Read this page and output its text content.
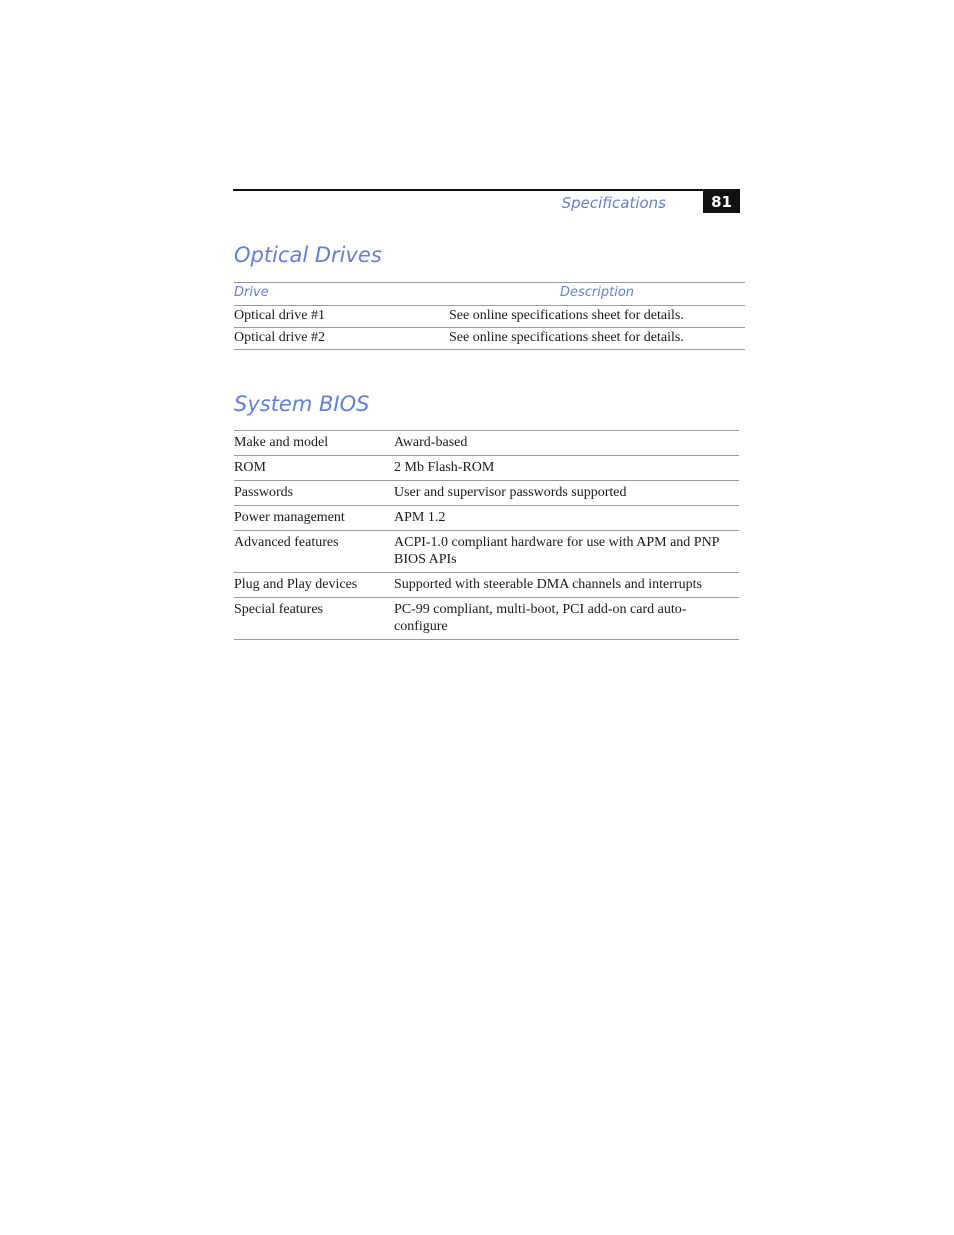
Specifications	81
Optical Drives
Drive	Description
Optical drive #1	See online specifications sheet for details.
Optical drive #2	See online specifications sheet for details.
System BIOS
Make and model	Award-based
ROM	2 Mb Flash-ROM
Passwords	User and supervisor passwords supported
Power management	APM 1.2
Advanced features	ACPI-1.0 compliant hardware for use with APM and PNP BIOS APIs
Plug and Play devices	Supported with steerable DMA channels and interrupts
Special features	PC-99 compliant, multi-boot, PCI add-on card auto-configure
